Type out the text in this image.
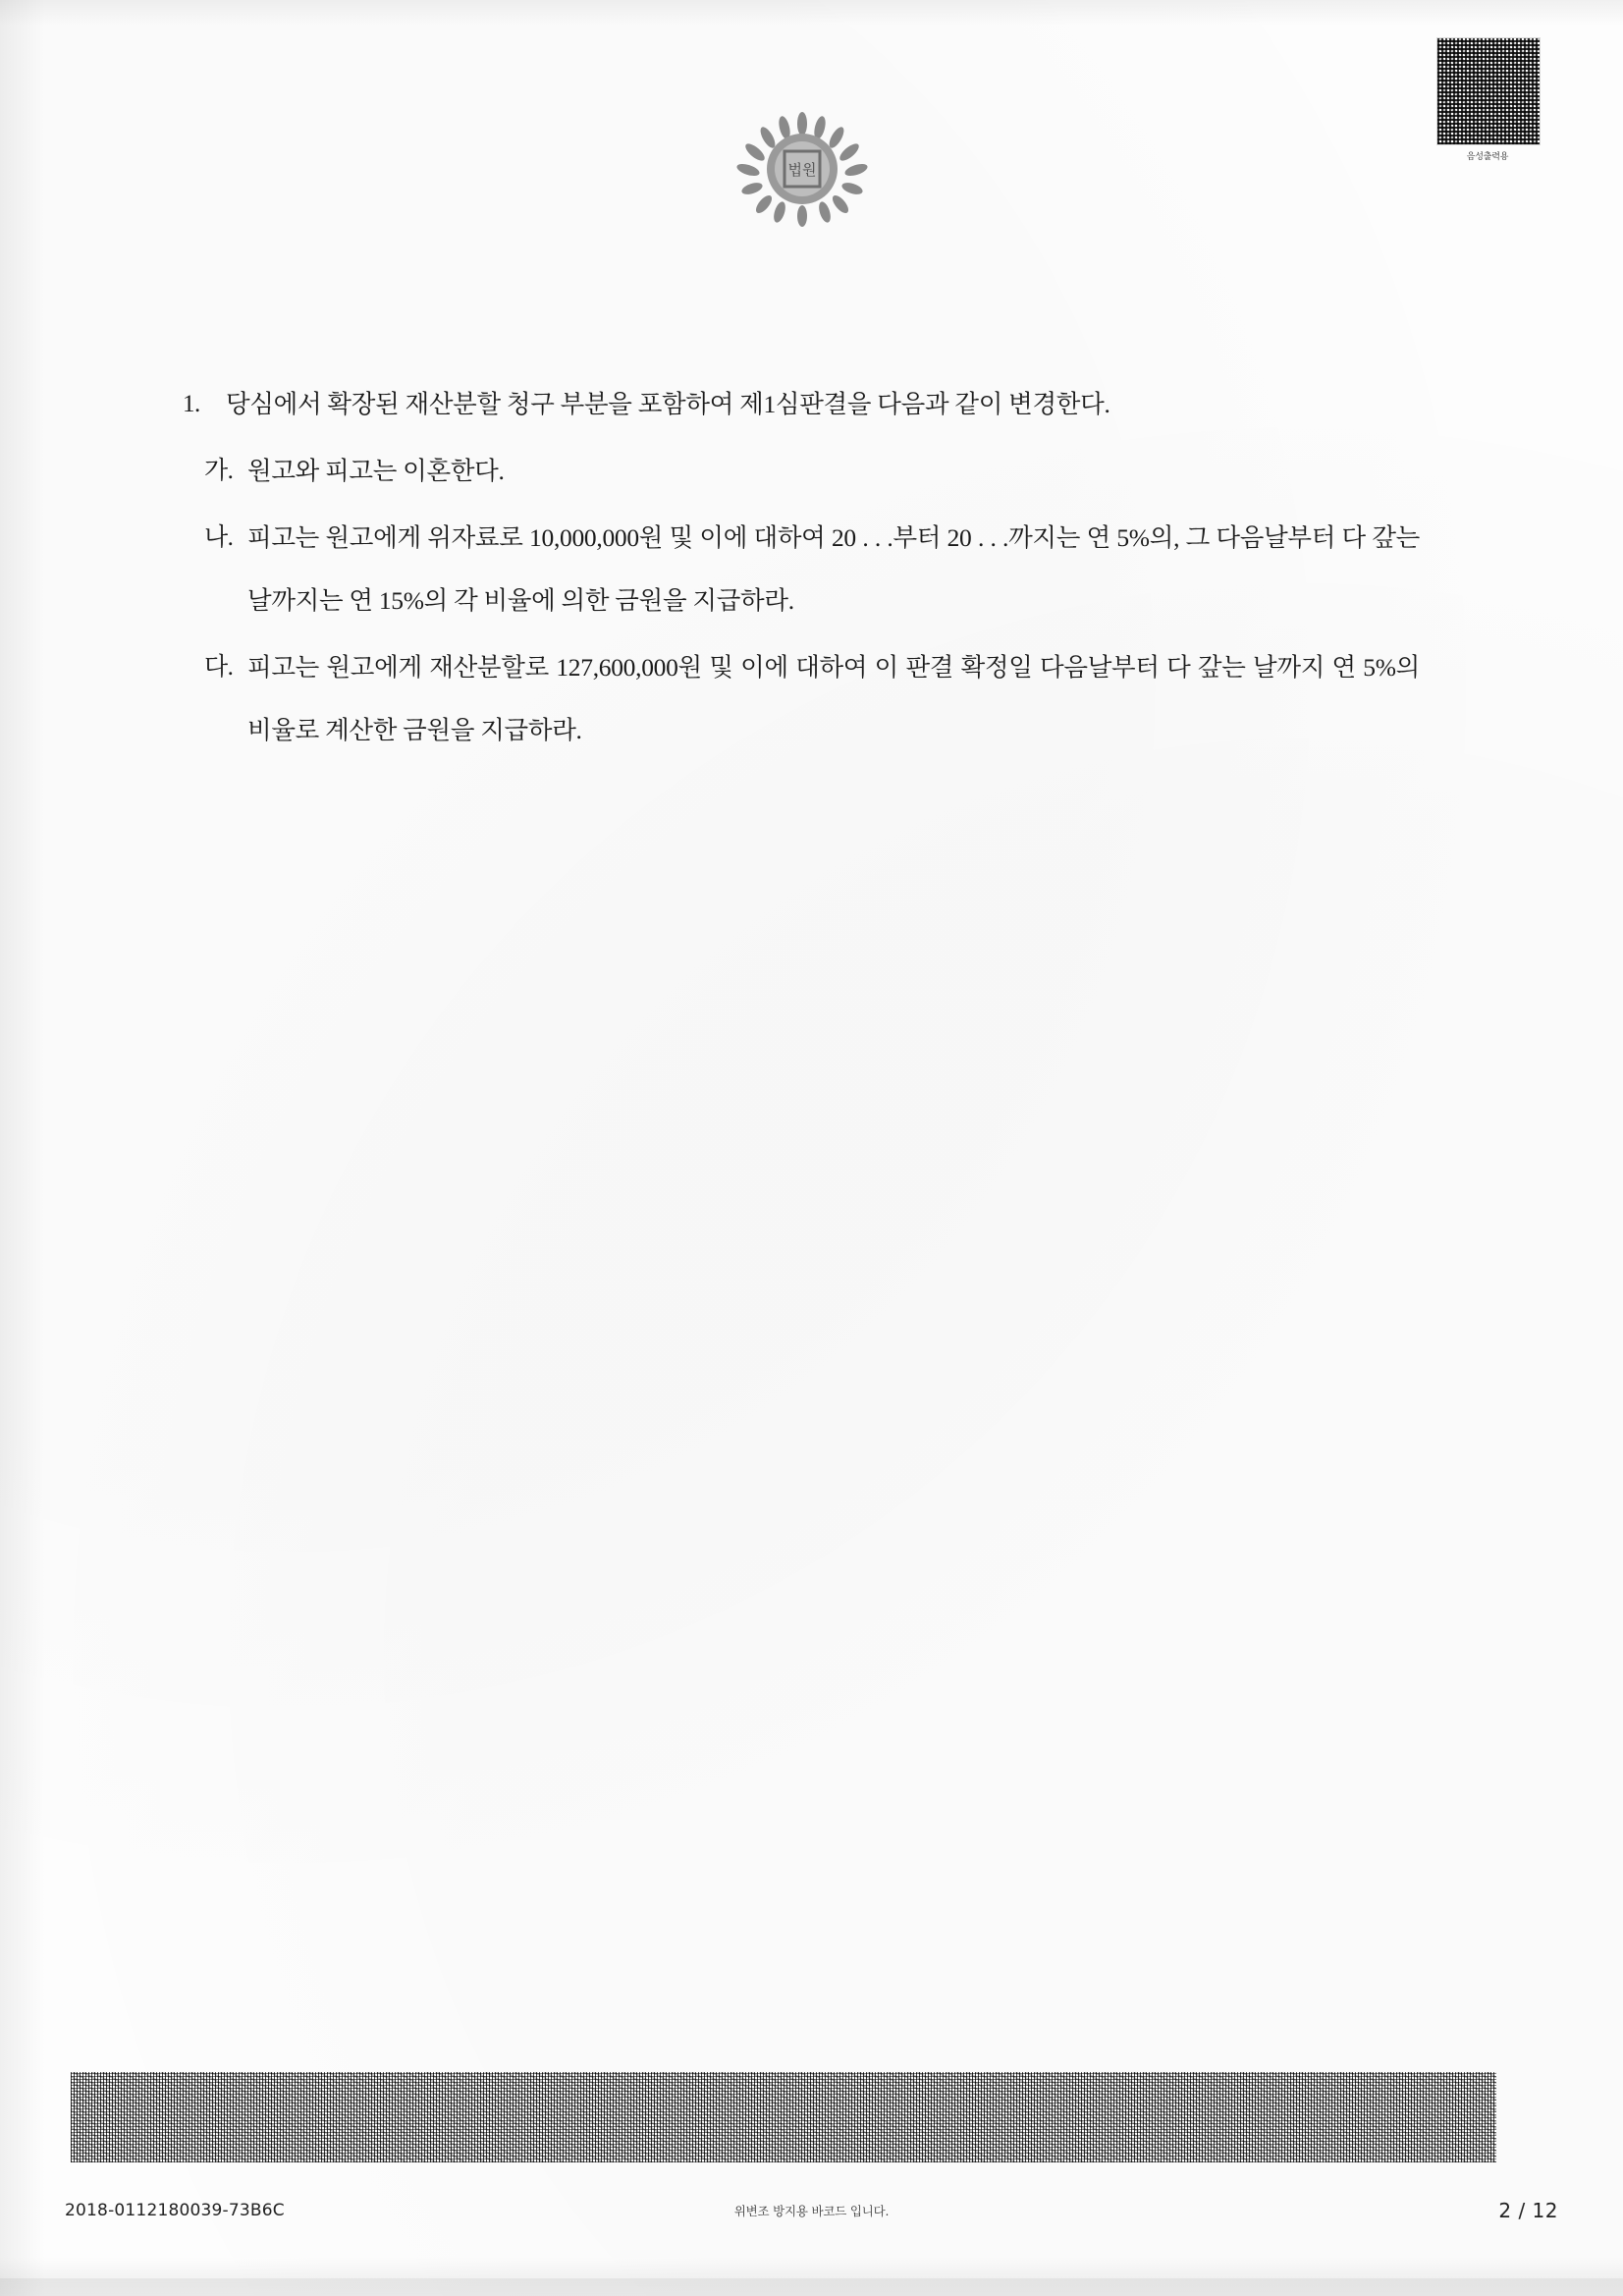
법원
음성출력용
1.	당심에서 확장된 재산분할 청구 부분을 포함하여 제1심판결을 다음과 같이 변경한다.
가. 원고와 피고는 이혼한다.
나. 피고는 원고에게 위자료로 10,000,000원 및 이에 대하여 20 . . .부터 20 . . .까지는 연 5%의, 그 다음날부터 다 갚는 날까지는 연 15%의 각 비율에 의한 금원을 지급하라.
다. 피고는 원고에게 재산분할로 127,600,000원 및 이에 대하여 이 판결 확정일 다음날부터 다 갚는 날까지 연 5%의 비율로 계산한 금원을 지급하라.
2018-0112180039-73B6C	위변조 방지용 바코드 입니다.	2 / 12
